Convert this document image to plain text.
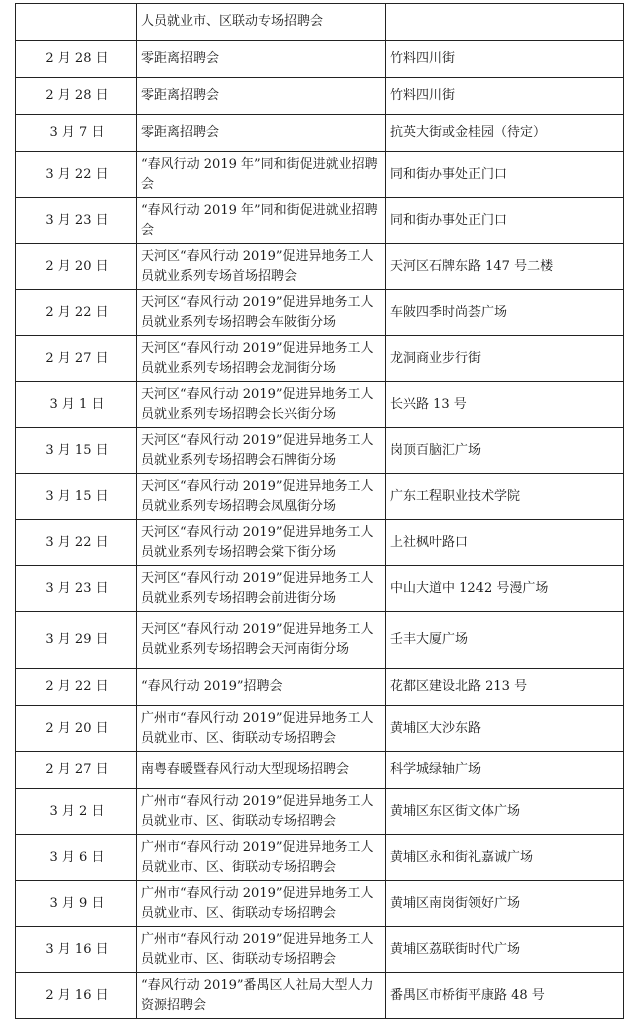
	人员就业市、区联动专场招聘会	
2 月 28 日	零距离招聘会	竹料四川街
2 月 28 日	零距离招聘会	竹料四川街
3 月 7 日	零距离招聘会	抗英大街或金桂园（待定）
3 月 22 日	“春风行动 2019 年”同和街促进就业招聘会	同和街办事处正门口
3 月 23 日	“春风行动 2019 年”同和街促进就业招聘会	同和街办事处正门口
2 月 20 日	天河区“春风行动 2019”促进异地务工人员就业系列专场首场招聘会	天河区石牌东路 147 号二楼
2 月 22 日	天河区“春风行动 2019”促进异地务工人员就业系列专场招聘会车陂街分场	车陂四季时尚荟广场
2 月 27 日	天河区“春风行动 2019”促进异地务工人员就业系列专场招聘会龙洞街分场	龙洞商业步行街
3 月 1 日	天河区“春风行动 2019”促进异地务工人员就业系列专场招聘会长兴街分场	长兴路 13 号
3 月 15 日	天河区“春风行动 2019”促进异地务工人员就业系列专场招聘会石牌街分场	岗顶百脑汇广场
3 月 15 日	天河区“春风行动 2019”促进异地务工人员就业系列专场招聘会凤凰街分场	广东工程职业技术学院
3 月 22 日	天河区“春风行动 2019”促进异地务工人员就业系列专场招聘会棠下街分场	上社枫叶路口
3 月 23 日	天河区“春风行动 2019”促进异地务工人员就业系列专场招聘会前进街分场	中山大道中 1242 号漫广场
3 月 29 日	天河区“春风行动 2019”促进异地务工人员就业系列专场招聘会天河南街分场	壬丰大厦广场
2 月 22 日	“春风行动 2019”招聘会	花都区建设北路 213 号
2 月 20 日	广州市“春风行动 2019”促进异地务工人员就业市、区、街联动专场招聘会	黄埔区大沙东路
2 月 27 日	南粤春暖暨春风行动大型现场招聘会	科学城绿轴广场
3 月 2 日	广州市“春风行动 2019”促进异地务工人员就业市、区、街联动专场招聘会	黄埔区东区街文体广场
3 月 6 日	广州市“春风行动 2019”促进异地务工人员就业市、区、街联动专场招聘会	黄埔区永和街礼嘉诚广场
3 月 9 日	广州市“春风行动 2019”促进异地务工人员就业市、区、街联动专场招聘会	黄埔区南岗街领好广场
3 月 16 日	广州市“春风行动 2019”促进异地务工人员就业市、区、街联动专场招聘会	黄埔区荔联街时代广场
2 月 16 日	“春风行动 2019”番禺区人社局大型人力资源招聘会	番禺区市桥街平康路 48 号
